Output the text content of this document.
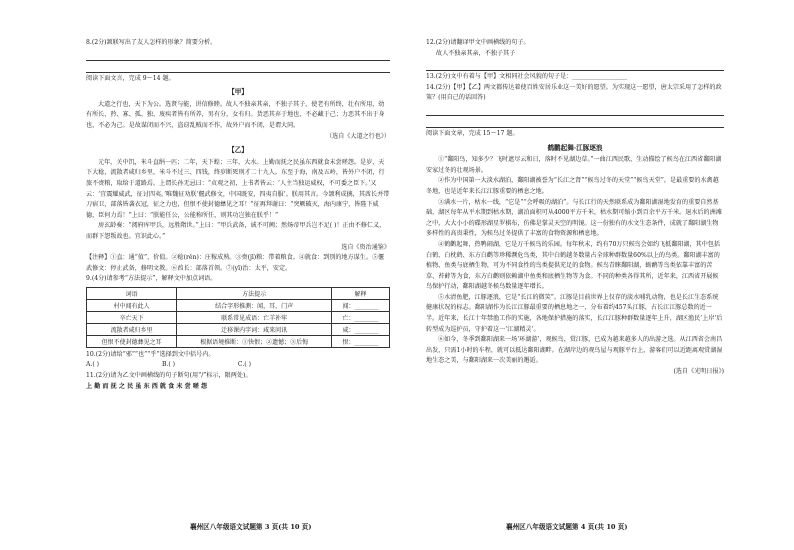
8.(2分)颔联写出了友人怎样的形象？简要分析。

阅读下面文言，完成 9～14 题。

【甲】

大道之行也，天下为公。选贤与能，讲信修睦。故人不独亲其亲，不独子其子，使老有所终，壮有所用，幼有所长，矜、寡、孤、独、废疾者皆有所养，男有分，女有归。货恶其弃于地也，不必藏于己；力恶其不出于身也，不必为己。是故谋闭而不兴，盗窃乱贼而不作，故外户而不闭，是谓大同。

（选自《大道之行也》）

【乙】

元年，关中饥，米斗直绢一匹；二年，天下蝗；三年，大水。上勤而抚之民虽东西就食未尝嗟怨。是岁，天下大稔，流散者咸归乡里，米斗不过三、四钱，终岁断死刑才二十九人。东至于海，南及五岭，皆外户不闭，行旅不赍粮，取给于道路焉。上谓长孙无忌曰：“贞观之初，上书者皆云：‘人主当独运威权，不可委之臣下。’又云：‘宜震耀威武，征讨四夷。’唯魏征劝朕‘偃武修文，中国既安，四夷自服’。朕用其言。今颉利成擒，其酋长并带刀宿卫，部落皆袭衣冠，征之力也，但恨不使封德彝见之耳！”征再拜谢曰：“突厥破灭，海内康宁，皆陛下威德，臣何力焉！”上曰：“朕能任公，公能称所任，则其功岂独在朕乎！”

房玄龄奏：“阅府库甲兵，远胜隋世。”上曰：“甲兵武备，诚不可阙；然炀帝甲兵岂不足( )！正由不修仁义，而群下怨叛故也。宜识此心。”

选自《资治通鉴》

【注释】①直：通“值”，价值。②稔(rěn)：庄稼成熟。③赍(jī)粮：带着粮食。④就食：到别的地方谋生。⑤偃武修文：停止武备，修明文教。⑥酋长：部落首领。⑦(yī)治：太平，安定。

9.(4分)请参考“方法提示”，解释文中加点词语。

词语	方法提示	解释
村中闻有此人	结合字形推测：闻，耳，门声	闻：________
卒亡天下	联系常见成语：亡羊补牢	亡：________
流散者咸归乡里	迁移课内字词：咸来问讯	咸：________
但恨不使封德彝见之耳	根据语境推断：①快恨；②遗憾；③后悔	恨：________

10.(2分)请给“邪”“也”“乎”选择到文中括号内。

A.( )	B.( )	C.( )

11.(2分)请为乙文中画横线的句子断句(用“/”标示，限两处)。

上 勤 而 抚 之 民 虽 东 西 就 食 未 尝 嗟 怨

12.(2分)请翻译甲文中画横线的句子。

故人不独亲其亲，不独子其子

13.(2分)文中有着与【甲】文相同社会风貌的句子是：__________________

14.(2分)【甲】【乙】两文都传达着使百姓安居乐业这一美好的愿望。为实现这一愿望，唐太宗采用了怎样的政策？(用自己的话回答)

阅读下面文章，完成 15～17 题。

鹤鹳起舞·江豚逐浪

①“鄱阳鸟，知多少？飞时遮尽云和日，落时不见湖边草。”一曲江西民歌，生动描绘了候鸟在江西省鄱阳湖安家过冬的壮观场景。

②作为中国第一大淡水湖泊，鄱阳湖被誉为“长江之肾”“候鸟过冬的天堂”“候鸟天堂”，是最重要的水禽越冬地，也是近年来长江江豚重要的栖息之地。

③满水一片，枯水一线，“它是”“会呼吸的湖泊”。与长江行的天然联系成为鄱阳湖湿地发育的重要自然基础，湖区每年从平水期到枯水期，湖泊面积可从4000平方千米，枯水期可缩小到百余平方千米。退水后的洲滩之中，大大小小的碟形湖星罗棋布，仿佛是掌灵天空的明镜。这一份独有的水文生态条件，成就了鄱阳湖生物多样性的高贵秉性，为候鸟过冬提供了丰富的食物资源和栖息地。

④鹤鹳起舞，热鸭闹湖，它是万千候鸟的乐园。每年秋末，约有70万只候鸟会如约飞抵鄱阳湖，其中包括白鹤、白枕鹤、东方白鹳等珍稀濒危鸟类，其中白鹤越冬数量占全球种群数量60%以上的鸟类。鄱阳湖丰富的植物、鱼类与底栖生物，可为不同食性的鸟类提供充足的食物。候鸟青睐鄱阳湖，蛎鹬等鸟类依靠丰富的苦草、苔藓等为食，东方白鹳则依赖湖中鱼类和底栖生物等为食。不同的种类各得其所，近年来，江西省开展候鸟保护行动，鄱阳湖越冬候鸟数量逐年增长。

⑤水清鱼肥，江豚逐浪，它是“长江的微笑”。江豚是目前世界上仅存的淡水哺乳动物，也是长江生态系统健康状况的标志。鄱阳湖作为长江江豚最重要的栖息地之一，分布着约457头江豚，占长江江豚总数的近一半。近年来，长江十年禁渔工作的实施，各地保护措施的落实，长江江豚种群数量逐年上升，湖区渔民‘上岸’后转型成为巡护员，守护着这一‘江湖精灵’。

⑥如今，冬季到鄱阳湖来一场‘环湖游’，观候鸟，赏江豚，已成为越来越多人的出游之选。从江西省会南昌出发，只需1小时的车程，就可以抵达鄱阳湖畔。在湖岸边的观鸟屋与观豚平台上，游客们可以近距离观赏湖湿地生态之美，与鄱阳湖来一次美丽的邂逅。

(选自《光明日报》)

襄州区八年级语文试题第 3 页(共 10 页)	襄州区八年级语文试题第 4 页(共 10 页)
